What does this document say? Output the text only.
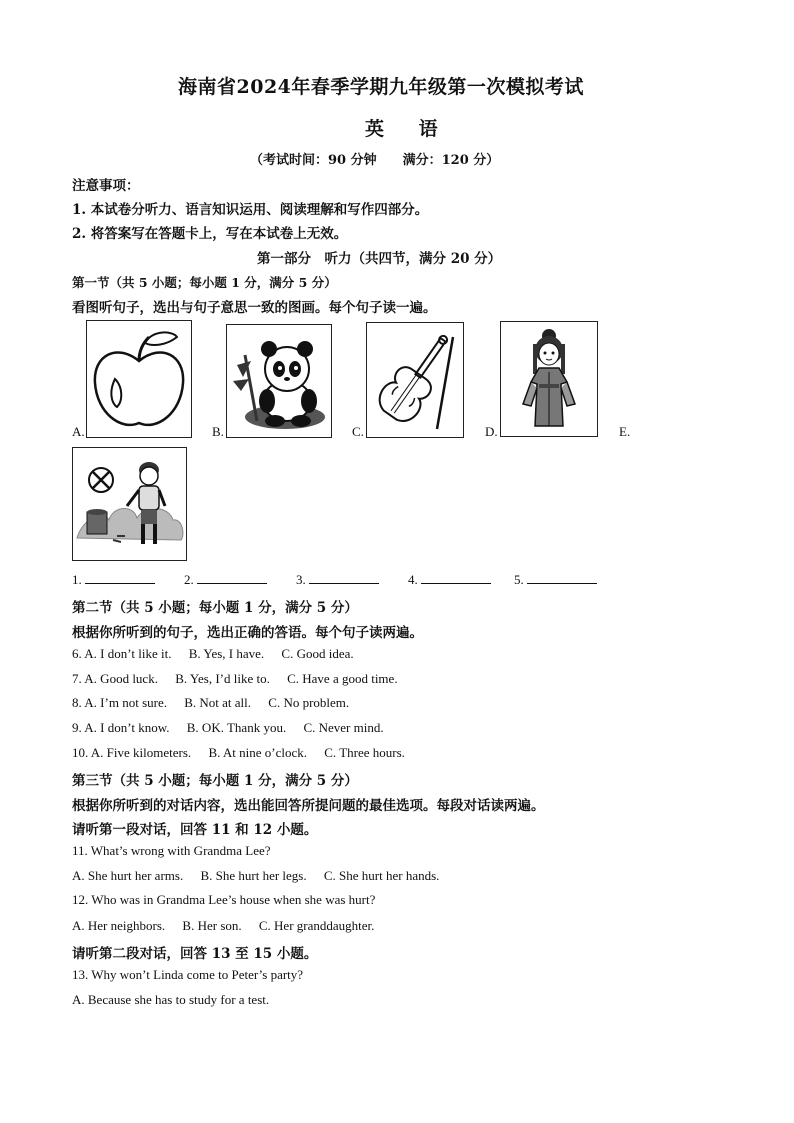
海南省2024年春季学期九年级第一次模拟考试
英 语
（考试时间：90 分钟　　满分：120 分）
注意事项：
1. 本试卷分听力、语言知识运用、阅读理解和写作四部分。
2. 将答案写在答题卡上，写在本试卷上无效。
第一部分　听力（共四节，满分 20 分）
第一节（共 5 小题；每小题 1 分，满分 5 分）
看图听句子，选出与句子意思一致的图画。每个句子读一遍。
A.	B.	C.	D.	E.
1.	2.	3.	4.	5.
第二节（共 5 小题；每小题 1 分，满分 5 分）
根据你所听到的句子，选出正确的答语。每个句子读两遍。
6. A. I don’t like it. B. Yes, I have. C. Good idea.
7. A. Good luck. B. Yes, I’d like to. C. Have a good time.
8. A. I’m not sure. B. Not at all. C. No problem.
9. A. I don’t know. B. OK. Thank you. C. Never mind.
10. A. Five kilometers. B. At nine o’clock. C. Three hours.
第三节（共 5 小题；每小题 1 分，满分 5 分）
根据你所听到的对话内容，选出能回答所提问题的最佳选项。每段对话读两遍。
请听第一段对话，回答 11 和 12 小题。
11. What’s wrong with Grandma Lee?
A. She hurt her arms. B. She hurt her legs. C. She hurt her hands.
12. Who was in Grandma Lee’s house when she was hurt?
A. Her neighbors. B. Her son. C. Her granddaughter.
请听第二段对话，回答 13 至 15 小题。
13. Why won’t Linda come to Peter’s party?
A. Because she has to study for a test.
